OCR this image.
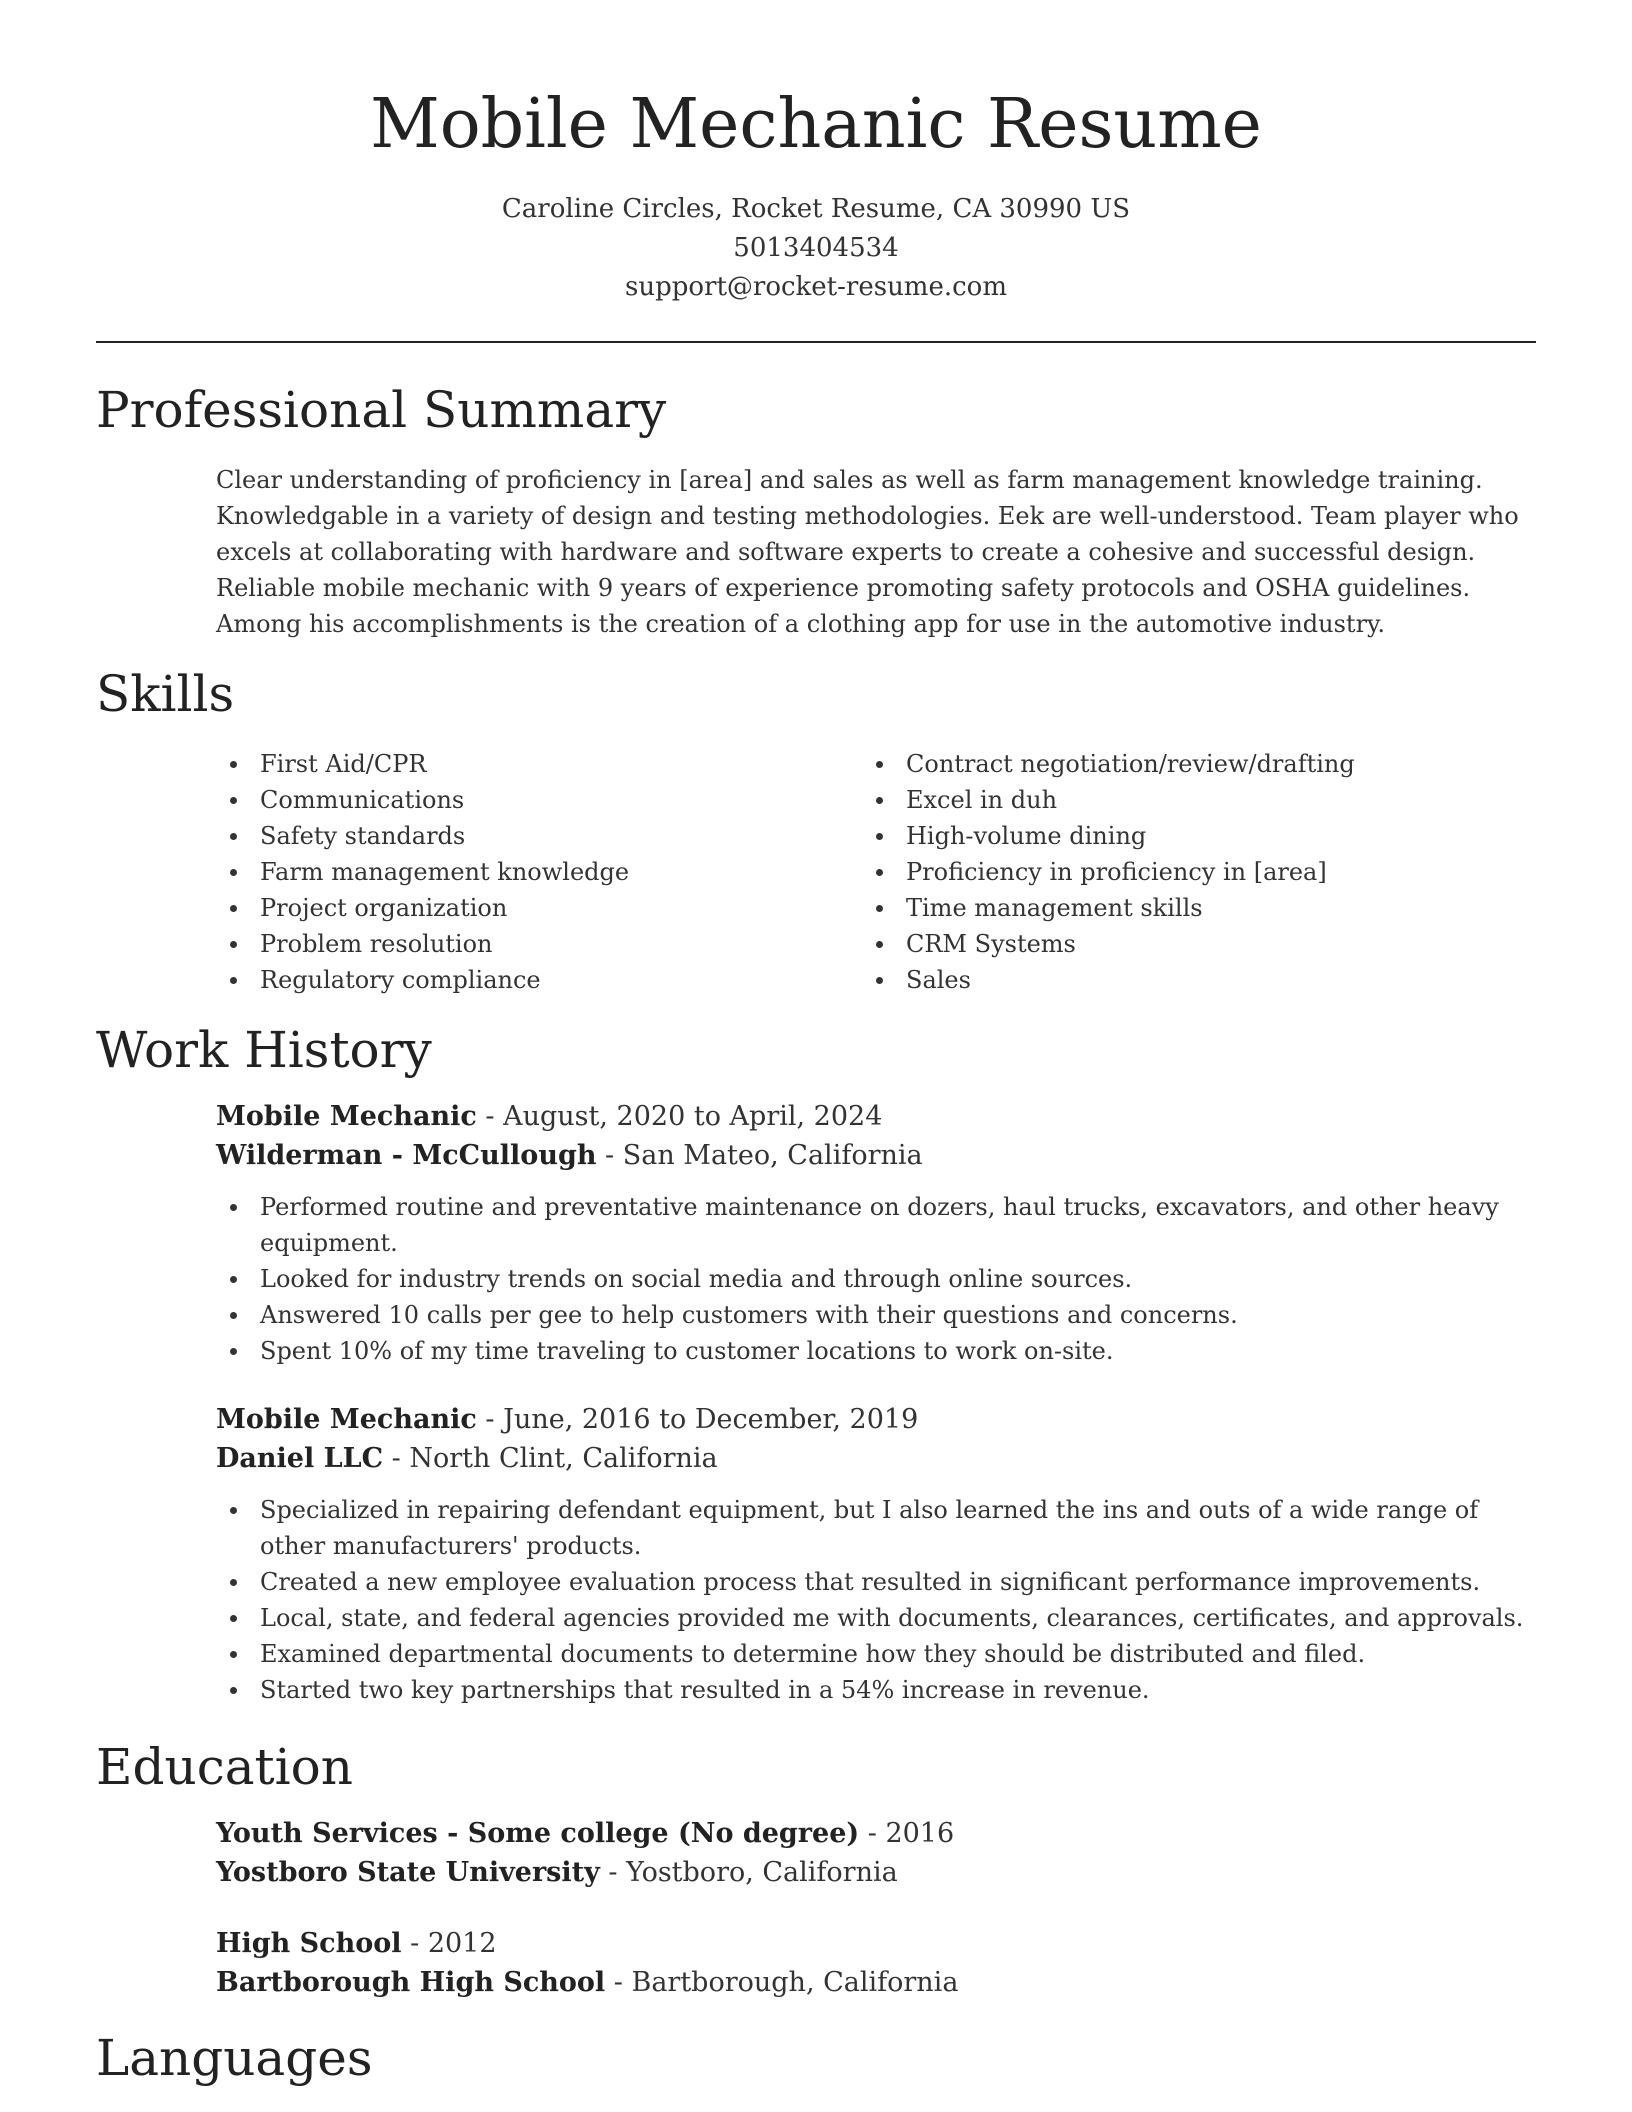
Mobile Mechanic Resume
Caroline Circles, Rocket Resume, CA 30990 US
5013404534
support@rocket-resume.com
Professional Summary

Clear understanding of proficiency in [area] and sales as well as farm management knowledge training. Knowledgable in a variety of design and testing methodologies. Eek are well-understood. Team player who excels at collaborating with hardware and software experts to create a cohesive and successful design. Reliable mobile mechanic with 9 years of experience promoting safety protocols and OSHA guidelines. Among his accomplishments is the creation of a clothing app for use in the automotive industry.

Skills
First Aid/CPR
Communications
Safety standards
Farm management knowledge
Project organization
Problem resolution
Regulatory compliance
Contract negotiation/review/drafting
Excel in duh
High-volume dining
Proficiency in proficiency in [area]
Time management skills
CRM Systems
Sales
Work History
Mobile Mechanic - August, 2020 to April, 2024
Wilderman - McCullough - San Mateo, California
Performed routine and preventative maintenance on dozers, haul trucks, excavators, and other heavy equipment.
Looked for industry trends on social media and through online sources.
Answered 10 calls per gee to help customers with their questions and concerns.
Spent 10% of my time traveling to customer locations to work on-site.
Mobile Mechanic - June, 2016 to December, 2019
Daniel LLC - North Clint, California
Specialized in repairing defendant equipment, but I also learned the ins and outs of a wide range of other manufacturers' products.
Created a new employee evaluation process that resulted in significant performance improvements.
Local, state, and federal agencies provided me with documents, clearances, certificates, and approvals.
Examined departmental documents to determine how they should be distributed and filed.
Started two key partnerships that resulted in a 54% increase in revenue.
Education
Youth Services - Some college (No degree) - 2016
Yostboro State University - Yostboro, California
High School - 2012
Bartborough High School - Bartborough, California
Languages
